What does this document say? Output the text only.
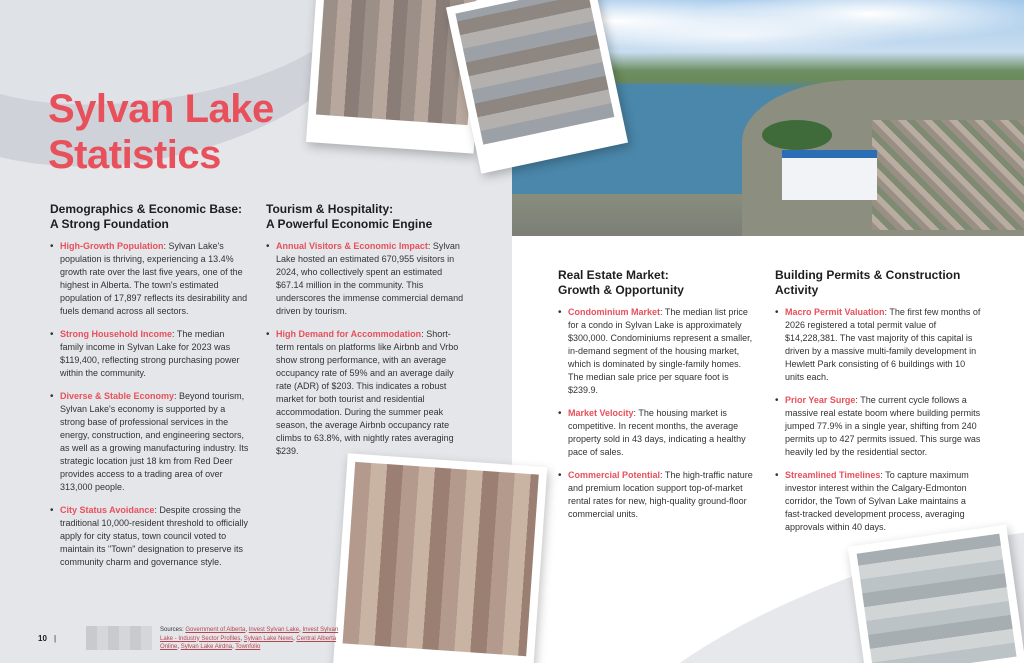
Sylvan Lake
Statistics
Demographics & Economic Base:
A Strong Foundation
• High-Growth Population: Sylvan Lake's population is thriving, experiencing a 13.4% growth rate over the last five years, one of the highest in Alberta. The town's estimated population of 17,897 reflects its desirability and fuels demand across all sectors.
• Strong Household Income: The median family income in Sylvan Lake for 2023 was $119,400, reflecting strong purchasing power within the community.
• Diverse & Stable Economy: Beyond tourism, Sylvan Lake's economy is supported by a strong base of professional services in the energy, construction, and engineering sectors, as well as a growing manufacturing industry. Its strategic location just 18 km from Red Deer provides access to a trading area of over 313,000 people.
• City Status Avoidance: Despite crossing the traditional 10,000-resident threshold to officially apply for city status, town council voted to maintain its "Town" designation to preserve its community charm and governance style.
Tourism & Hospitality:
A Powerful Economic Engine
• Annual Visitors & Economic Impact: Sylvan Lake hosted an estimated 670,955 visitors in 2024, who collectively spent an estimated $67.14 million in the community. This underscores the immense commercial demand driven by tourism.
• High Demand for Accommodation: Short-term rentals on platforms like Airbnb and Vrbo show strong performance, with an average occupancy rate of 59% and an average daily rate (ADR) of $203. This indicates a robust market for both tourist and residential accommodation. During the summer peak season, the average Airbnb occupancy rate climbs to 63.8%, with nightly rates averaging $239.
Real Estate Market:
Growth & Opportunity
• Condominium Market: The median list price for a condo in Sylvan Lake is approximately $300,000. Condominiums represent a smaller, in-demand segment of the housing market, which is dominated by single-family homes. The median sale price per square foot is $239.9.
• Market Velocity: The housing market is competitive. In recent months, the average property sold in 43 days, indicating a healthy pace of sales.
• Commercial Potential: The high-traffic nature and premium location support top-of-market rental rates for new, high-quality ground-floor commercial units.
Building Permits & Construction
Activity
• Macro Permit Valuation: The first few months of 2026 registered a total permit value of $14,228,381. The vast majority of this capital is driven by a massive multi-family development in Hewlett Park consisting of 6 buildings with 10 units each.
• Prior Year Surge: The current cycle follows a massive real estate boom where building permits jumped 77.9% in a single year, shifting from 240 permits up to 427 permits issued. This surge was heavily led by the residential sector.
• Streamlined Timelines: To capture maximum investor interest within the Calgary-Edmonton corridor, the Town of Sylvan Lake maintains a fast-tracked development process, averaging approvals within 40 days.
10 |
Sources: Government of Alberta, Invest Sylvan Lake, Invest Sylvan Lake - Industry Sector Profiles, Sylvan Lake News, Central Alberta Online, Sylvan Lake Airdna, Townfolio
